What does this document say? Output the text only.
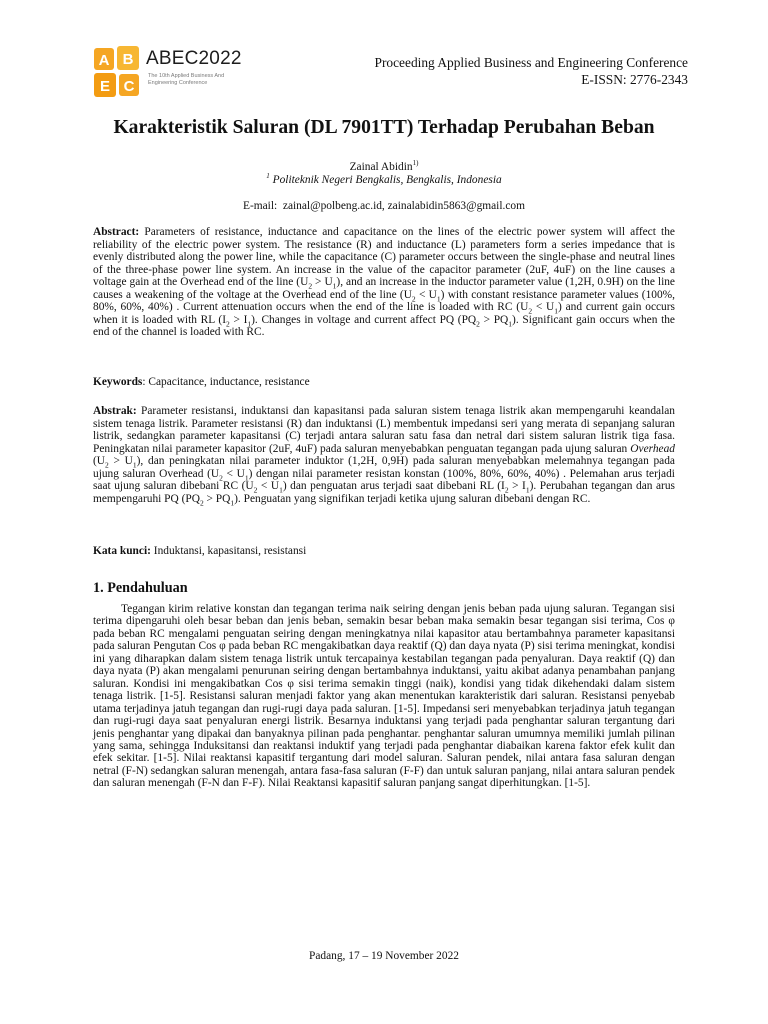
A B
E C
ABEC2022
The 10th Applied Business And Engineering Conference
Proceeding Applied Business and Engineering Conference
E-ISSN: 2776-2343
Karakteristik Saluran (DL 7901TT) Terhadap Perubahan Beban
Zainal Abidin$^{1)}$
$^1$ Politeknik Negeri Bengkalis, Bengkalis, Indonesia
E-mail: zainal@polbeng.ac.id, zainalabidin5863@gmail.com

Abstract: Parameters of resistance, inductance and capacitance on the lines of the electric power system will affect the reliability of the electric power system. The resistance (R) and inductance (L) parameters form a series impedance that is evenly distributed along the power line, while the capacitance (C) parameter occurs between the single-phase and neutral lines of the three-phase power line system. An increase in the value of the capacitor parameter (2uF, 4uF) on the line causes a voltage gain at the Overhead end of the line $(U_2 > U_1)$, and an increase in the inductor parameter value (1,2H, 0.9H) on the line causes a weakening of the voltage at the Overhead end of the line $(U_2 < U_1)$ with constant resistance parameter values (100%, 80%, 60%, 40%) . Current attenuation occurs when the end of the line is loaded with RC $(U_2 < U_1)$ and current gain occurs when it is loaded with RL $(I_2 > I_1)$. Changes in voltage and current affect PQ $(PQ_2 > PQ_1)$. Significant gain occurs when the end of the channel is loaded with RC.

Keywords: Capacitance, inductance, resistance

Abstrak: Parameter resistansi, induktansi dan kapasitansi pada saluran sistem tenaga listrik akan mempengaruhi keandalan sistem tenaga listrik. Parameter resistansi (R) dan induktansi (L) membentuk impedansi seri yang merata di sepanjang saluran listrik, sedangkan parameter kapasitansi (C) terjadi antara saluran satu fasa dan netral dari sistem saluran listrik tiga fasa. Peningkatan nilai parameter kapasitor (2uF, 4uF) pada saluran menyebabkan penguatan tegangan pada ujung saluran Overhead $(U_2 > U_1)$, dan peningkatan nilai parameter induktor (1,2H, 0,9H) pada saluran menyebabkan melemahnya tegangan pada ujung saluran Overhead $(U_2 < U_1)$ dengan nilai parameter resistan konstan (100%, 80%, 60%, 40%) . Pelemahan arus terjadi saat ujung saluran dibebani RC $(U_2 < U_1)$ dan penguatan arus terjadi saat dibebani RL $(I_2 > I_1)$. Perubahan tegangan dan arus mempengaruhi PQ $(PQ_2 > PQ_1)$. Penguatan yang signifikan terjadi ketika ujung saluran dibebani dengan RC.

Kata kunci: Induktansi, kapasitansi, resistansi

1. Pendahuluan

Tegangan kirim relative konstan dan tegangan terima naik seiring dengan jenis beban pada ujung saluran. Tegangan sisi terima dipengaruhi oleh besar beban dan jenis beban, semakin besar beban maka semakin besar tegangan sisi terima, Cos φ pada beban RC mengalami penguatan seiring dengan meningkatnya nilai kapasitor atau bertambahnya parameter kapasitansi pada saluran Pengutan Cos φ pada beban RC mengakibatkan daya reaktif (Q) dan daya nyata (P) sisi terima meningkat, kondisi ini yang diharapkan dalam sistem tenaga listrik untuk tercapainya kestabilan tegangan pada penyaluran. Daya reaktif (Q) dan daya nyata (P) akan mengalami penurunan seiring dengan bertambahnya induktansi, yaitu akibat adanya penambahan panjang saluran. Kondisi ini mengakibatkan Cos φ sisi terima semakin tinggi (naik), kondisi yang tidak dikehendaki dalam sistem tenaga listrik. [1-5]. Resistansi saluran menjadi faktor yang akan menentukan karakteristik dari saluran. Resistansi penyebab utama terjadinya jatuh tegangan dan rugi-rugi daya pada saluran. [1-5]. Impedansi seri menyebabkan terjadinya jatuh tegangan dan rugi-rugi daya saat penyaluran energi listrik. Besarnya induktansi yang terjadi pada penghantar saluran tergantung dari jenis penghantar yang dipakai dan banyaknya pilinan pada penghantar. penghantar saluran umumnya memiliki jumlah pilinan yang sama, sehingga Induksitansi dan reaktansi induktif yang terjadi pada penghantar diabaikan karena faktor efek kulit dan efek sekitar. [1-5]. Nilai reaktansi kapasitif tergantung dari model saluran. Saluran pendek, nilai antara fasa saluran dengan netral (F-N) sedangkan saluran menengah, antara fasa-fasa saluran (F-F) dan untuk saluran panjang, nilai antara saluran pendek dan saluran menengah (F-N dan F-F). Nilai Reaktansi kapasitif saluran panjang sangat diperhitungkan. [1-5].

Padang, 17 – 19 November 2022
